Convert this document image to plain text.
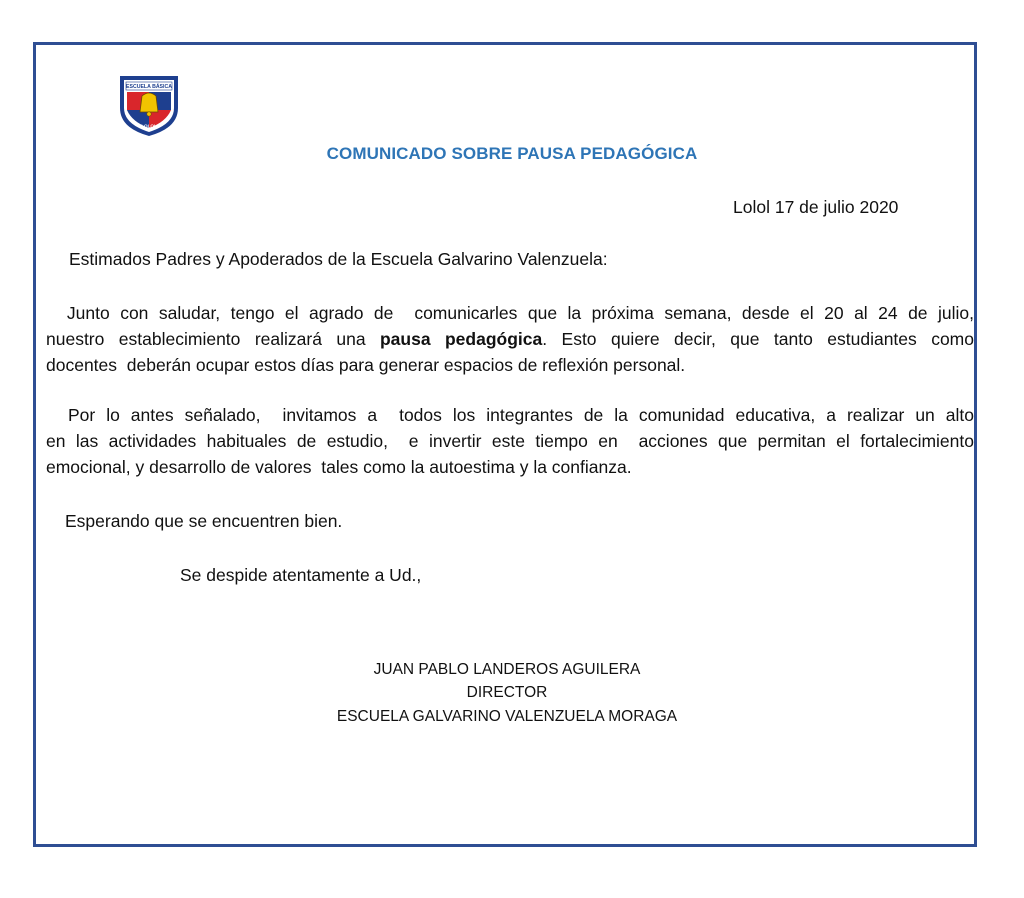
ESCUELA BÁSICA
LOLOL
COMUNICADO SOBRE PAUSA PEDAGÓGICA
Lolol 17 de julio 2020

Estimados Padres y Apoderados de la Escuela Galvarino Valenzuela:

Junto con saludar, tengo el agrado de  comunicarles que la próxima semana, desde el 20 al 24 de julio,
nuestro establecimiento realizará una pausa pedagógica. Esto quiere decir, que tanto estudiantes como
docentes  deberán ocupar estos días para generar espacios de reflexión personal.
Por lo antes señalado,  invitamos a  todos los integrantes de la comunidad educativa, a realizar un alto
en las actividades habituales de estudio,  e invertir este tiempo en  acciones que permitan el fortalecimiento
emocional, y desarrollo de valores  tales como la autoestima y la confianza.

Esperando que se encuentren bien.

Se despide atentamente a Ud.,

JUAN PABLO LANDEROS AGUILERA
DIRECTOR
ESCUELA GALVARINO VALENZUELA MORAGA
